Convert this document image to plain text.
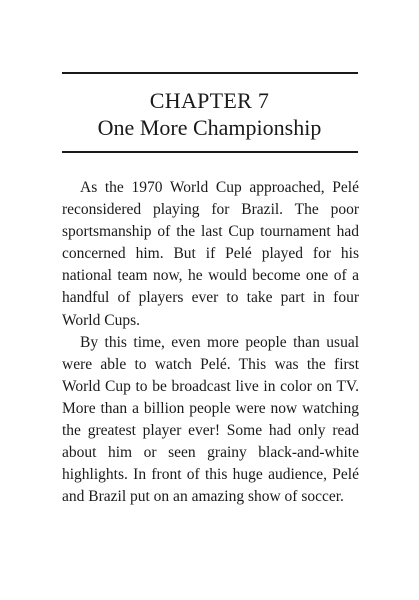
CHAPTER 7
One More Championship

As the 1970 World Cup approached, Pelé reconsidered playing for Brazil. The poor sportsmanship of the last Cup tournament had concerned him. But if Pelé played for his national team now, he would become one of a handful of players ever to take part in four World Cups.

By this time, even more people than usual were able to watch Pelé. This was the first World Cup to be broadcast live in color on TV. More than a billion people were now watching the greatest player ever! Some had only read about him or seen grainy black-and-white highlights. In front of this huge audience, Pelé and Brazil put on an amazing show of soccer.
